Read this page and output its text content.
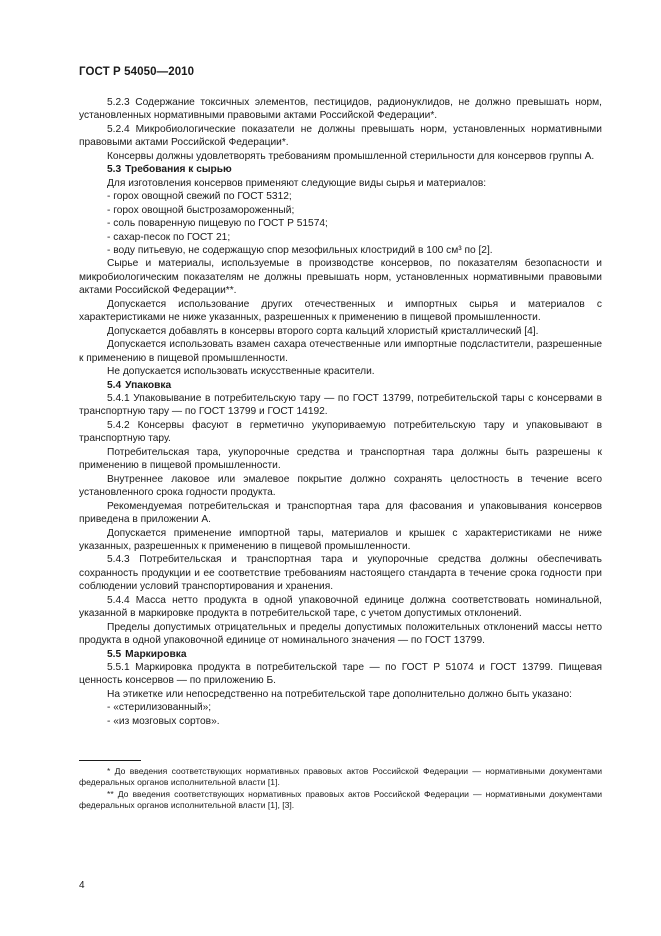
ГОСТ Р 54050—2010

5.2.3 Содержание токсичных элементов, пестицидов, радионуклидов, не должно превышать норм, установленных нормативными правовыми актами Российской Федерации*.

5.2.4 Микробиологические показатели не должны превышать норм, установленных нормативными правовыми актами Российской Федерации*.

Консервы должны удовлетворять требованиям промышленной стерильности для консервов группы А.

5.3 Требования к сырью

Для изготовления консервов применяют следующие виды сырья и материалов:

- горох овощной свежий по ГОСТ 5312;

- горох овощной быстрозамороженный;

- соль поваренную пищевую по ГОСТ Р 51574;

- сахар-песок по ГОСТ 21;

- воду питьевую, не содержащую спор мезофильных клостридий в 100 см³ по [2].

Сырье и материалы, используемые в производстве консервов, по показателям безопасности и микробиологическим показателям не должны превышать норм, установленных нормативными правовыми актами Российской Федерации**.

Допускается использование других отечественных и импортных сырья и материалов с характеристиками не ниже указанных, разрешенных к применению в пищевой промышленности.

Допускается добавлять в консервы второго сорта кальций хлористый кристаллический [4].

Допускается использовать взамен сахара отечественные или импортные подсластители, разрешенные к применению в пищевой промышленности.

Не допускается использовать искусственные красители.

5.4 Упаковка

5.4.1 Упаковывание в потребительскую тару — по ГОСТ 13799, потребительской тары с консервами в транспортную тару — по ГОСТ 13799 и ГОСТ 14192.

5.4.2 Консервы фасуют в герметично укупориваемую потребительскую тару и упаковывают в транспортную тару.

Потребительская тара, укупорочные средства и транспортная тара должны быть разрешены к применению в пищевой промышленности.

Внутреннее лаковое или эмалевое покрытие должно сохранять целостность в течение всего установленного срока годности продукта.

Рекомендуемая потребительская и транспортная тара для фасования и упаковывания консервов приведена в приложении А.

Допускается применение импортной тары, материалов и крышек с характеристиками не ниже указанных, разрешенных к применению в пищевой промышленности.

5.4.3 Потребительская и транспортная тара и укупорочные средства должны обеспечивать сохранность продукции и ее соответствие требованиям настоящего стандарта в течение срока годности при соблюдении условий транспортирования и хранения.

5.4.4 Масса нетто продукта в одной упаковочной единице должна соответствовать номинальной, указанной в маркировке продукта в потребительской таре, с учетом допустимых отклонений.

Пределы допустимых отрицательных и пределы допустимых положительных отклонений массы нетто продукта в одной упаковочной единице от номинального значения — по ГОСТ 13799.

5.5 Маркировка

5.5.1 Маркировка продукта в потребительской таре — по ГОСТ Р 51074 и ГОСТ 13799. Пищевая ценность консервов — по приложению Б.

На этикетке или непосредственно на потребительской таре дополнительно должно быть указано:

- «стерилизованный»;

- «из мозговых сортов».

* До введения соответствующих нормативных правовых актов Российской Федерации — нормативными документами федеральных органов исполнительной власти [1].

** До введения соответствующих нормативных правовых актов Российской Федерации — нормативными документами федеральных органов исполнительной власти [1], [3].

4
